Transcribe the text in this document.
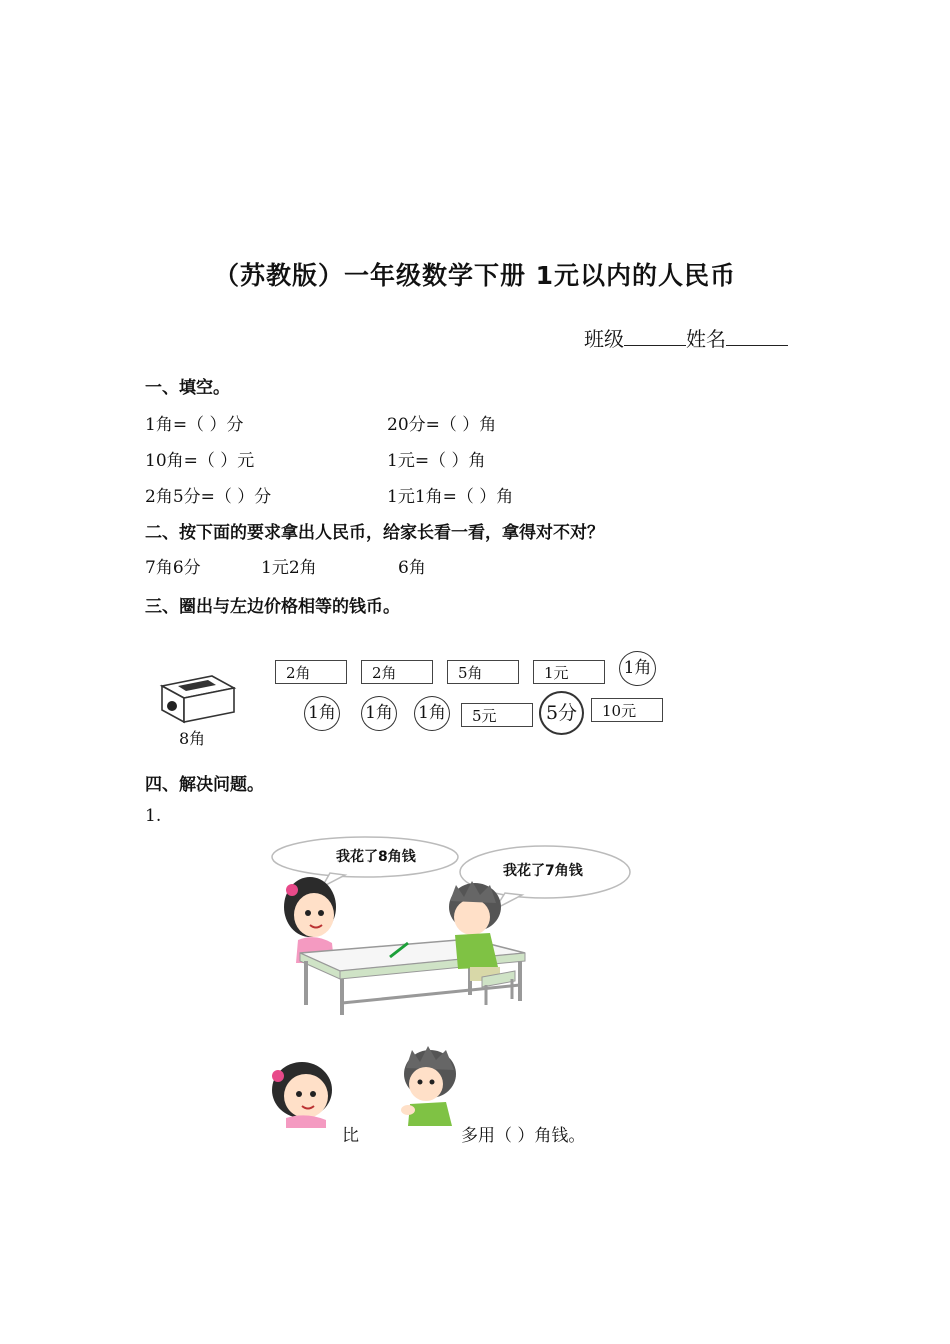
（苏教版）一年级数学下册 1元以内的人民币
班级	姓名
一、填空。
1角=（ ）分	20分=（ ）角
10角=（ ）元	1元=（ ）角
2角5分=（ ）分	1元1角=（ ）角
二、按下面的要求拿出人民币，给家长看一看，拿得对不对？
7角6分	1元2角	6角
三、圈出与左边价格相等的钱币。
8角
2角	2角	5角	1元	1角
1角 1角 1角	5元	5分	10元
四、解决问题。
1.
我花了8角钱
我花了7角钱
比	多用（ ）角钱。
